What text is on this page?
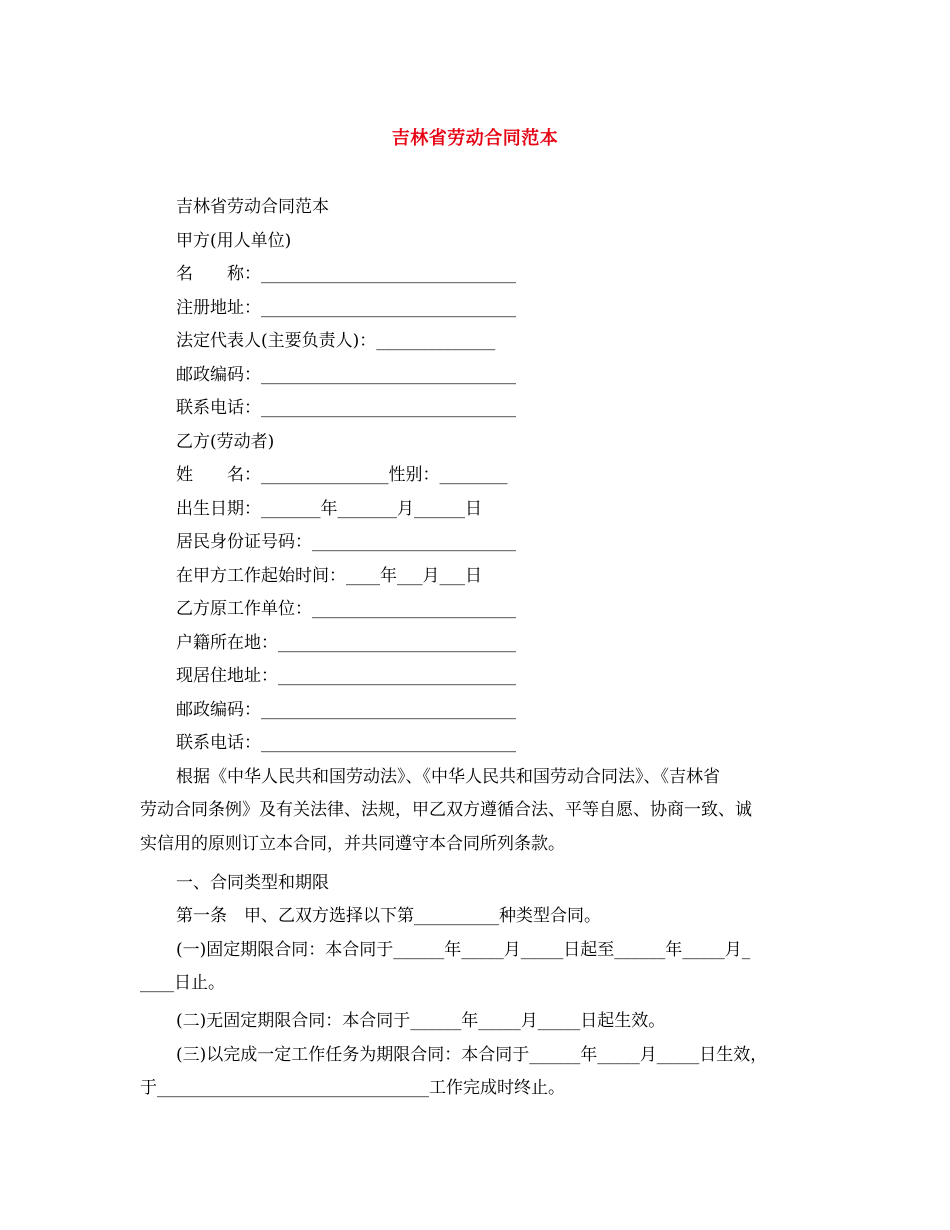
吉林省劳动合同范本
吉林省劳动合同范本
甲方(用人单位)
名　　称：______________________________
注册地址：______________________________
法定代表人(主要负责人)：______________
邮政编码：______________________________
联系电话：______________________________
乙方(劳动者)
姓　　名：_______________性别：________
出生日期：_______年_______月______日
居民身份证号码：________________________
在甲方工作起始时间：____年___月___日
乙方原工作单位：________________________
户籍所在地：____________________________
现居住地址：____________________________
邮政编码：______________________________
联系电话：______________________________
根据《中华人民共和国劳动法》、《中华人民共和国劳动合同法》、《吉林省
劳动合同条例》及有关法律、法规，甲乙双方遵循合法、平等自愿、协商一致、诚
实信用的原则订立本合同，并共同遵守本合同所列条款。
一、合同类型和期限
第一条　甲、乙双方选择以下第__________种类型合同。
(一)固定期限合同：本合同于______年_____月_____日起至______年_____月_
____日止。
(二)无固定期限合同：本合同于______年_____月_____日起生效。
(三)以完成一定工作任务为期限合同：本合同于______年_____月_____日生效，
于________________________________工作完成时终止。
